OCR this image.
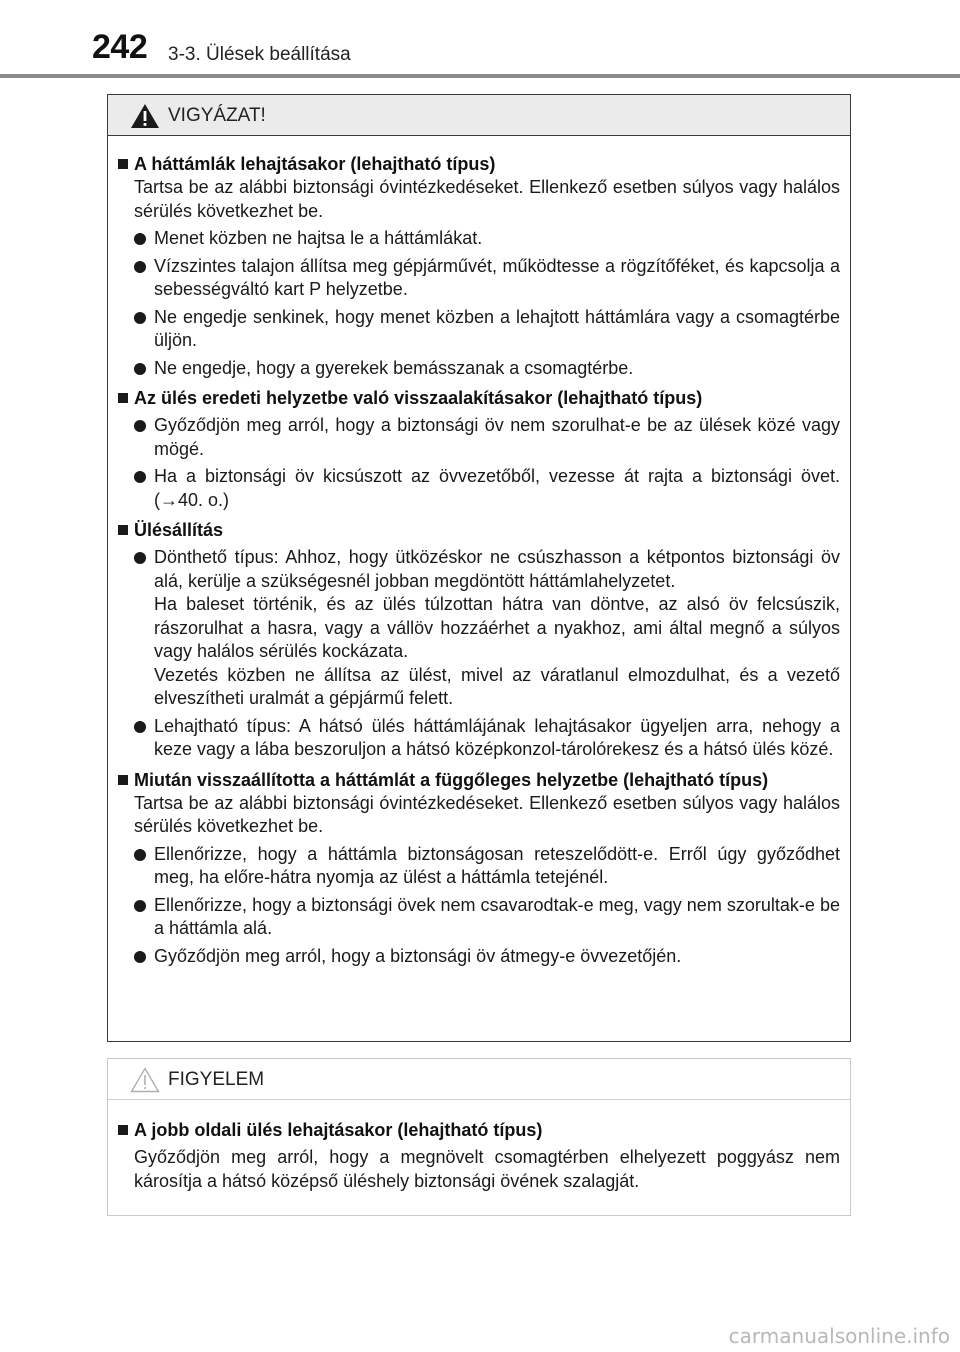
242 3-3. Ülések beállítása
VIGYÁZAT!
A háttámlák lehajtásakor (lehajtható típus)
Tartsa be az alábbi biztonsági óvintézkedéseket. Ellenkező esetben súlyos vagy halálos sérülés következhet be.
Menet közben ne hajtsa le a háttámlákat.
Vízszintes talajon állítsa meg gépjárművét, működtesse a rögzítőféket, és kapcsolja a sebességváltó kart P helyzetbe.
Ne engedje senkinek, hogy menet közben a lehajtott háttámlára vagy a csomagtérbe üljön.
Ne engedje, hogy a gyerekek bemásszanak a csomagtérbe.
Az ülés eredeti helyzetbe való visszaalakításakor (lehajtható típus)
Győződjön meg arról, hogy a biztonsági öv nem szorulhat-e be az ülések közé vagy mögé.
Ha a biztonsági öv kicsúszott az övvezetőből, vezesse át rajta a biztonsági övet. (→40. o.)
Ülésállítás
Dönthető típus: Ahhoz, hogy ütközéskor ne csúszhasson a kétpontos biztonsági öv alá, kerülje a szükségesnél jobban megdöntött háttámlahelyzetet.
Ha baleset történik, és az ülés túlzottan hátra van döntve, az alsó öv felcsúszik, rászorulhat a hasra, vagy a vállöv hozzáérhet a nyakhoz, ami által megnő a súlyos vagy halálos sérülés kockázata.
Vezetés közben ne állítsa az ülést, mivel az váratlanul elmozdulhat, és a vezető elveszítheti uralmát a gépjármű felett.
Lehajtható típus: A hátsó ülés háttámlájának lehajtásakor ügyeljen arra, nehogy a keze vagy a lába beszoruljon a hátsó középkonzol-tárolórekesz és a hátsó ülés közé.
Miután visszaállította a háttámlát a függőleges helyzetbe (lehajtható típus)
Tartsa be az alábbi biztonsági óvintézkedéseket. Ellenkező esetben súlyos vagy halálos sérülés következhet be.
Ellenőrizze, hogy a háttámla biztonságosan reteszelődött-e. Erről úgy győződhet meg, ha előre-hátra nyomja az ülést a háttámla tetejénél.
Ellenőrizze, hogy a biztonsági övek nem csavarodtak-e meg, vagy nem szorultak-e be a háttámla alá.
Győződjön meg arról, hogy a biztonsági öv átmegy-e övvezetőjén.
FIGYELEM
A jobb oldali ülés lehajtásakor (lehajtható típus)
Győződjön meg arról, hogy a megnövelt csomagtérben elhelyezett poggyász nem károsítja a hátsó középső üléshely biztonsági övének szalagját.
carmanualsonline.info
